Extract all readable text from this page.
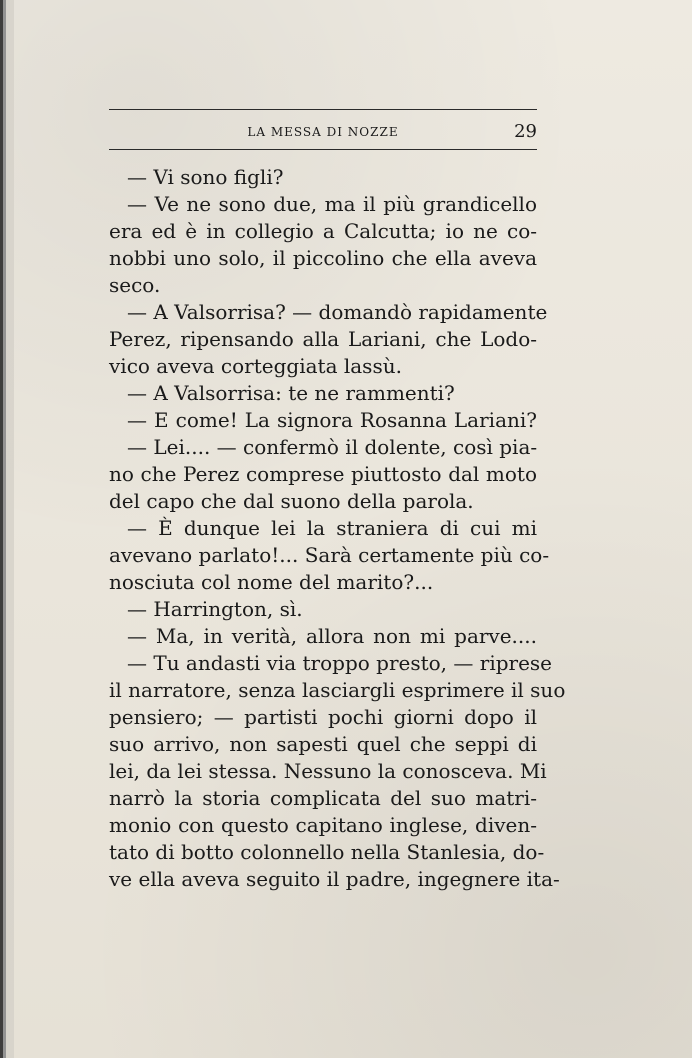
LA MESSA DI NOZZE	29
— Vi sono figli?
— Ve ne sono due, ma il più grandicello
era ed è in collegio a Calcutta; io ne co-
nobbi uno solo, il piccolino che ella aveva
seco.
— A Valsorrisa? — domandò rapidamente
Perez, ripensando alla Lariani, che Lodo-
vico aveva corteggiata lassù.
— A Valsorrisa: te ne rammenti?
— E come! La signora Rosanna Lariani?
— Lei.... — confermò il dolente, così pia-
no che Perez comprese piuttosto dal moto
del capo che dal suono della parola.
— È dunque lei la straniera di cui mi
avevano parlato!... Sarà certamente più co-
nosciuta col nome del marito?...
— Harrington, sì.
— Ma, in verità, allora non mi parve....
— Tu andasti via troppo presto, — riprese
il narratore, senza lasciargli esprimere il suo
pensiero; — partisti pochi giorni dopo il
suo arrivo, non sapesti quel che seppi di
lei, da lei stessa. Nessuno la conosceva. Mi
narrò la storia complicata del suo matri-
monio con questo capitano inglese, diven-
tato di botto colonnello nella Stanlesia, do-
ve ella aveva seguito il padre, ingegnere ita-
